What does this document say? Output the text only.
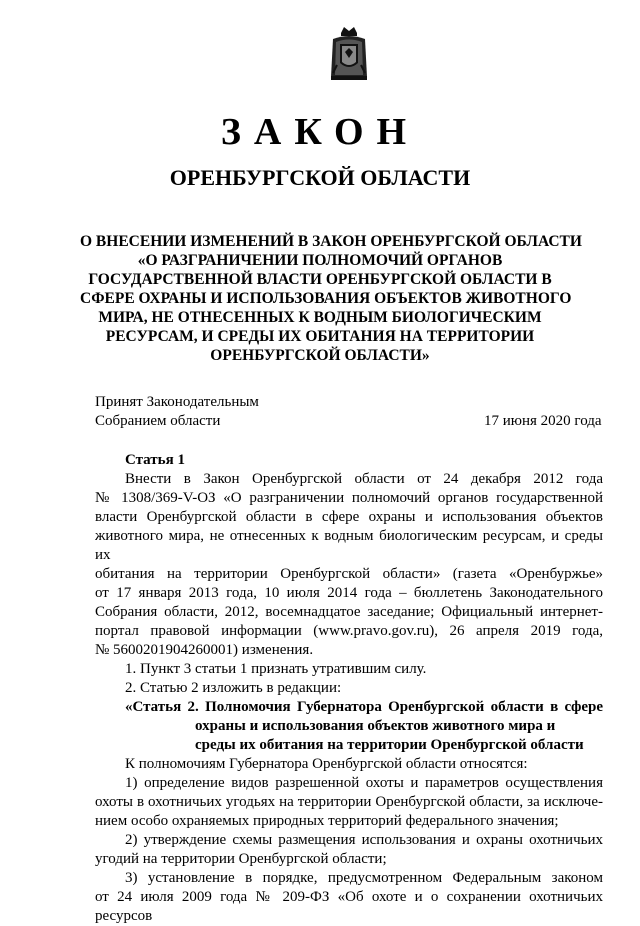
ЗАКОН
ОРЕНБУРГСКОЙ ОБЛАСТИ
О ВНЕСЕНИИ ИЗМЕНЕНИЙ В ЗАКОН ОРЕНБУРГСКОЙ ОБЛАСТИ
«О РАЗГРАНИЧЕНИИ ПОЛНОМОЧИЙ ОРГАНОВ
ГОСУДАРСТВЕННОЙ ВЛАСТИ ОРЕНБУРГСКОЙ ОБЛАСТИ В
СФЕРЕ ОХРАНЫ И ИСПОЛЬЗОВАНИЯ ОБЪЕКТОВ ЖИВОТНОГО
МИРА, НЕ ОТНЕСЕННЫХ К ВОДНЫМ БИОЛОГИЧЕСКИМ
РЕСУРСАМ, И СРЕДЫ ИХ ОБИТАНИЯ НА ТЕРРИТОРИИ
ОРЕНБУРГСКОЙ ОБЛАСТИ»
Принят Законодательным
Собранием области	17 июня 2020 года
Статья 1
Внести в Закон Оренбургской области от 24 декабря 2012 года
№ 1308/369-V-ОЗ «О разграничении полномочий органов государственной
власти Оренбургской области в сфере охраны и использования объектов
животного мира, не отнесенных к водным биологическим ресурсам, и среды их
обитания на территории Оренбургской области» (газета «Оренбуржье»
от 17 января 2013 года, 10 июля 2014 года – бюллетень Законодательного
Собрания области, 2012, восемнадцатое заседание; Официальный интернет-
портал правовой информации (www.pravo.gov.ru), 26 апреля 2019 года,
№ 5600201904260001) изменения.
1. Пункт 3 статьи 1 признать утратившим силу.
2. Статью 2 изложить в редакции:
«Статья 2. Полномочия Губернатора Оренбургской области в сфере
охраны и использования объектов животного мира и
среды их обитания на территории Оренбургской области
К полномочиям Губернатора Оренбургской области относятся:
1) определение видов разрешенной охоты и параметров осуществления
охоты в охотничьих угодьях на территории Оренбургской области, за исключе-
нием особо охраняемых природных территорий федерального значения;
2) утверждение схемы размещения использования и охраны охотничьих
угодий на территории Оренбургской области;
3) установление в порядке, предусмотренном Федеральным законом
от 24 июля 2009 года № 209-ФЗ «Об охоте и о сохранении охотничьих ресурсов
